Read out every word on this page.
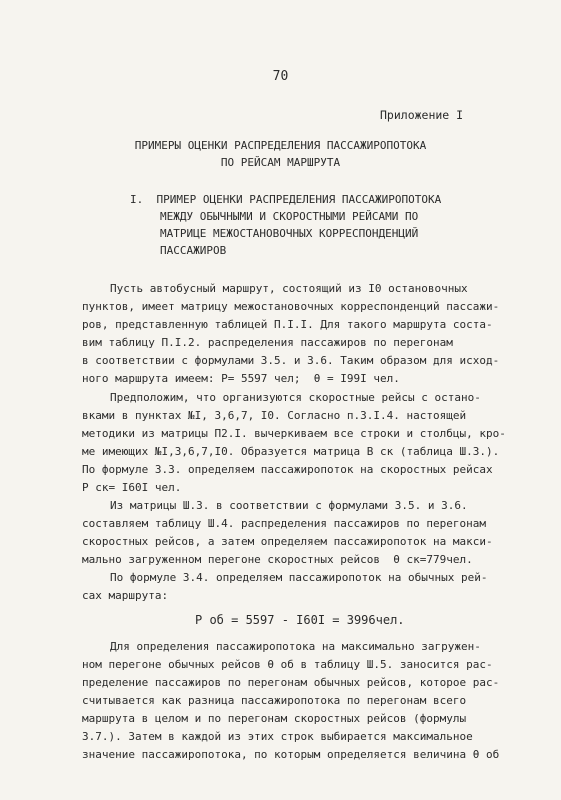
70
Приложение I
ПРИМЕРЫ ОЦЕНКИ РАСПРЕДЕЛЕНИЯ ПАССАЖИРОПОТОКА
ПО РЕЙСАМ МАРШРУТА
I.  ПРИМЕР ОЦЕНКИ РАСПРЕДЕЛЕНИЯ ПАССАЖИРОПОТОКА
МЕЖДУ ОБЫЧНЫМИ И СКОРОСТНЫМИ РЕЙСАМИ ПО
МАТРИЦЕ МЕЖОСТАНОВОЧНЫХ КОРРЕСПОНДЕНЦИЙ
ПАССАЖИРОВ
Пусть автобусный маршрут, состоящий из I0 остановочных
пунктов, имеет матрицу межостановочных корреспонденций пассажи-
ров, представленную таблицей П.I.I. Для такого маршрута соста-
вим таблицу П.I.2. распределения пассажиров по перегонам
в соответствии с формулами 3.5. и 3.6. Таким образом для исход-
ного маршрута имеем: P= 5597 чел;  θ = I99I чел.
Предположим, что организуются скоростные рейсы с остано-
вками в пунктах №I, 3,6,7, I0. Согласно п.3.I.4. настоящей
методики из матрицы П2.I. вычеркиваем все строки и столбцы, кро-
ме имеющих №I,3,6,7,I0. Образуется матрица B ск (таблица Ш.3.).
По формуле 3.3. определяем пассажиропоток на скоростных рейсах
P ск= I60I чел.
Из матрицы Ш.3. в соответствии с формулами 3.5. и 3.6.
составляем таблицу Ш.4. распределения пассажиров по перегонам
скоростных рейсов, а затем определяем пассажиропоток на макси-
мально загруженном перегоне скоростных рейсов  θ ск=779чел.
По формуле 3.4. определяем пассажиропоток на обычных рей-
сах маршрута:
P об = 5597 - I60I = 3996чел.
Для определения пассажиропотока на максимально загружен-
ном перегоне обычных рейсов θ об в таблицу Ш.5. заносится рас-
пределение пассажиров по перегонам обычных рейсов, которое рас-
считывается как разница пассажиропотока по перегонам всего
маршрута в целом и по перегонам скоростных рейсов (формулы
3.7.). Затем в каждой из этих строк выбирается максимальное
значение пассажиропотока, по которым определяется величина θ об
